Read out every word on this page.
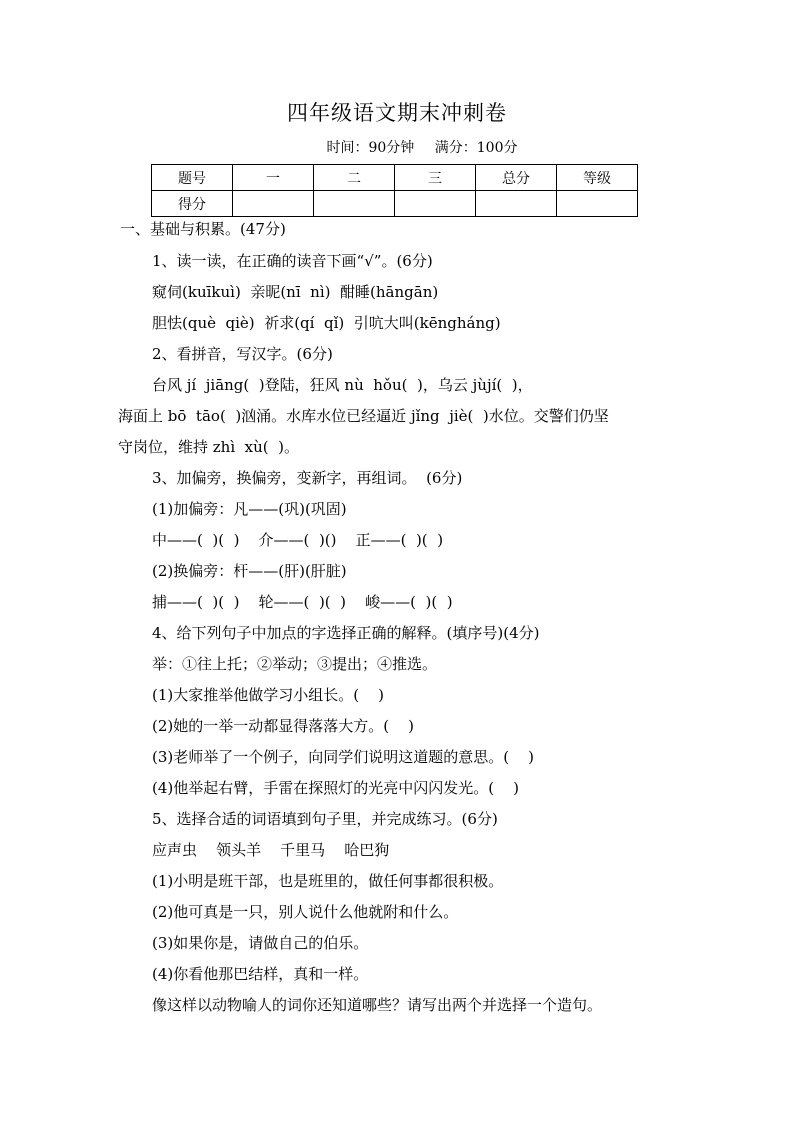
四年级语文期末冲刺卷
时间：90分钟 满分：100分
题号	一	二	三	总分	等级
得分					
一、基础与积累。(47分)
1、读一读，在正确的读音下画“√”。(6分)
窥伺(kuīkuì)  亲昵(nī  nì)  酣睡(hāngān)
胆怯(què  qiè)  祈求(qí  qǐ)  引吭大叫(kēngháng)
2、看拼音，写汉字。(6分)
台风 jí  jiāng(  )登陆，狂风 nù  hǒu(  )，乌云 jùjí(  )，
海面上 bō  tāo(  )汹涌。水库水位已经逼近 jǐng  jiè(  )水位。交警们仍坚
守岗位，维持 zhì  xù(  )。
3、加偏旁，换偏旁，变新字，再组词。  (6分)
(1)加偏旁：凡——(巩)(巩固)
中——(  )(  )    介——(  )()    正——(  )(  )
(2)换偏旁：杆——(肝)(肝脏)
捕——(  )(  )    轮——(  )(  )    峻——(  )(  )
4、给下列句子中加点的字选择正确的解释。(填序号)(4分)
举：①往上托；②举动；③提出；④推选。
(1)大家推举他做学习小组长。(    )
(2)她的一举一动都显得落落大方。(    )
(3)老师举了一个例子，向同学们说明这道题的意思。(    )
(4)他举起右臂，手雷在探照灯的光亮中闪闪发光。(    )
5、选择合适的词语填到句子里，并完成练习。(6分)
应声虫    领头羊    千里马    哈巴狗
(1)小明是班干部，也是班里的，做任何事都很积极。
(2)他可真是一只，别人说什么他就附和什么。
(3)如果你是，请做自己的伯乐。
(4)你看他那巴结样，真和一样。
像这样以动物喻人的词你还知道哪些？请写出两个并选择一个造句。
